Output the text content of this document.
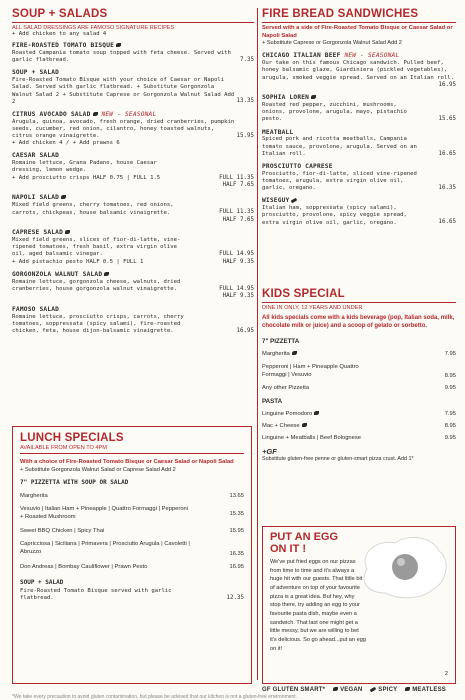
SOUP + SALADS
ALL SALAD DRESSINGS ARE FAMOSO SIGNATURE RECIPES
+ Add chicken to any salad 4
FIRE-ROASTED TOMATO BISQUE
Roasted Campania tomato soup topped with feta cheese. Served with garlic flatbread.	7.35
SOUP + SALAD
Fire-Roasted Tomato Bisque with your choice of Caesar or Napoli Salad. Served with garlic flatbread. + Substitute Gorgonzola Walnut Salad 2 + Substitute Caprese or Gorgonzola Walnut Salad Add 2	13.35
CITRUS AVOCADO SALAD NEW - SEASONAL
Arugula, quinoa, avocado, fresh orange, dried cranberries, pumpkin seeds, cucumber, red onion, cilantro, honey toasted walnuts, citrus orange vinaigrette.	15.95
+ Add chicken 4 / + Add prawns 6
CAESAR SALAD
Romaine lettuce, Grana Padano, house Caesar dressing, lemon wedge.
+ Add prosciutto crisps HALF 0.75 | FULL 1.5	FULL 11.35
HALF 7.65
NAPOLI SALAD
Mixed field greens, cherry tomatoes, red onions, carrots, chickpeas, house balsamic vinaigrette.	FULL 11.35
HALF 7.65
CAPRESE SALAD
Mixed field greens, slices of fior-di-latte, vine-ripened tomatoes, fresh basil, extra virgin olive oil, aged balsamic vinegar.	FULL 14.95
+ Add pistachio pesto HALF 0.5 | FULL 1	HALF 9.35
GORGONZOLA WALNUT SALAD
Romaine lettuce, gorgonzola cheese, walnuts, dried cranberries, house gorgonzola walnut vinaigrette.	FULL 14.95
HALF 9.35
FAMOSO SALAD
Romaine lettuce, prosciutto crisps, carrots, cherry tomatoes, soppressata (spicy salami), fire-roasted chicken, feta, house dijon-balsamic vinaigrette.	16.95
LUNCH SPECIALS
AVAILABLE FROM OPEN TO 4PM
With a choice of Fire-Roasted Tomato Bisque or Caesar Salad or Napoli Salad
+ Substitute Gorgonzola Walnut Salad or Caprese Salad Add 2
7" PIZZETTA WITH SOUP OR SALAD
Margherita	13.65
Vesuvio | Italian Ham + Pineapple | Quattro Formaggi | Pepperoni + Roasted Mushroom	15.35
Sweet BBQ Chicken | Spicy Thai	15.95
Capricciosa | Siciliana | Primavera | Prosciutto Arugula | Cavoletti | Abruzzo	16.35
Don Andreas | Bombay Cauliflower | Prawn Pesto	16.95
SOUP + SALAD
Fire-Roasted Tomato Bisque served with garlic flatbread.	12.35
FIRE BREAD SANDWICHES
Served with a side of Fire-Roasted Tomato Bisque or Caesar Salad or Napoli Salad
+ Substitute Caprese or Gorgonzola Walnut Salad Add 2
CHICAGO ITALIAN BEEF NEW - SEASONAL
Our take on this famous Chicago sandwich. Pulled beef, honey balsamic glaze, Giardiniera (pickled vegetables), arugula, smoked veggie spread. Served on an Italian roll.
16.95
SOPHIA LOREN
Roasted red pepper, zucchini, mushrooms, onions, provolone, arugula, mayo, pistachio pesto.	15.65
MEATBALL
Spiced pork and ricotta meatballs, Campania tomato sauce, provolone, arugula. Served on an Italian roll.	16.65
PROSCIUTTO CAPRESE
Prosciutto, fior-di-latte, sliced vine-ripened tomatoes, arugula, extra virgin olive oil, garlic, oregano.	16.35
WISEGUY
Italian ham, soppressata (spicy salami), prosciutto, provolone, spicy veggie spread, extra virgin olive oil, garlic, oregano.	16.65
KIDS SPECIAL
DINE IN ONLY, 12 YEARS AND UNDER
All kids specials come with a kids beverage (pop, Italian soda, milk, chocolate milk or juice) and a scoop of gelato or sorbetto.
7" PIZZETTA
Margherita	7.95
Pepperoni | Ham + Pineapple Quattro Formaggi | Vesuvio	8.95
Any other Pizzetta	9.95
PASTA
Linguine Pomodoro	7.95
Mac + Cheese	8.95
Linguine + Meatballs | Beef Bolognese	9.95
+GF
Substitute gluten-free penne or gluten-smart pizza crust. Add 1*
PUT AN EGG ON IT !
We've put fried eggs on our pizzas from time to time and it's always a huge hit with our guests. That little bit of adventure on top of your favourite pizza is a great idea. But hey, why stop there, try adding an egg to your favourite pasta dish, maybe even a sandwich. That last one might get a little messy, but we are willing to bet it's delicious. So go ahead...put an egg on it!
2
GF GLUTEN SMART*	VEGAN	SPICY	MEATLESS
*We take every precaution to avoid gluten contamination, but please be advised that our kitchen is not a gluten-free environment.
